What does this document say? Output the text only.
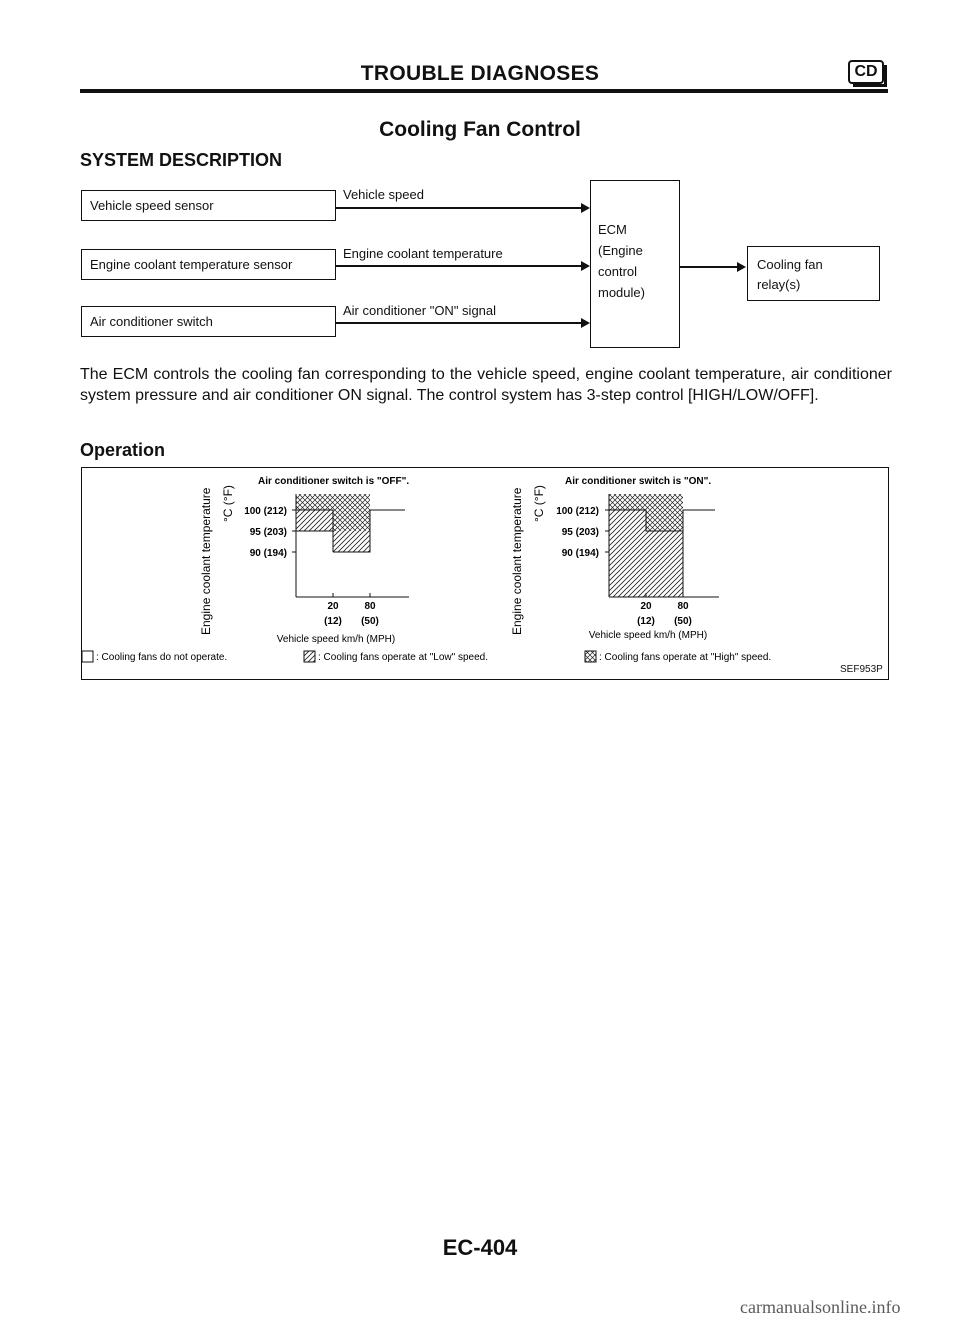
TROUBLE DIAGNOSES	CD
Cooling Fan Control
SYSTEM DESCRIPTION
Vehicle speed sensor
Engine coolant temperature sensor
Air conditioner switch
Vehicle speed
Engine coolant temperature
Air conditioner "ON" signal
ECM
(Engine
control
module)
Cooling fan
relay(s)
The ECM controls the cooling fan corresponding to the vehicle speed, engine coolant temperature, air conditioner system pressure and air conditioner ON signal. The control system has 3-step control [HIGH/LOW/OFF].
Operation
Air conditioner switch is "OFF".
Engine coolant temperature °C (°F)
Vehicle speed km/h (MPH)
100 (212)
95 (203)
90 (194)
20
(12)
80
(50)
Air conditioner switch is "ON".
Engine coolant temperature °C (°F)
Vehicle speed km/h (MPH)
100 (212)
95 (203)
90 (194)
20
(12)
80
(50)
: Cooling fans do not operate.	: Cooling fans operate at "Low" speed.	: Cooling fans operate at "High" speed.
SEF953P
EC-404
carmanualsonline.info
